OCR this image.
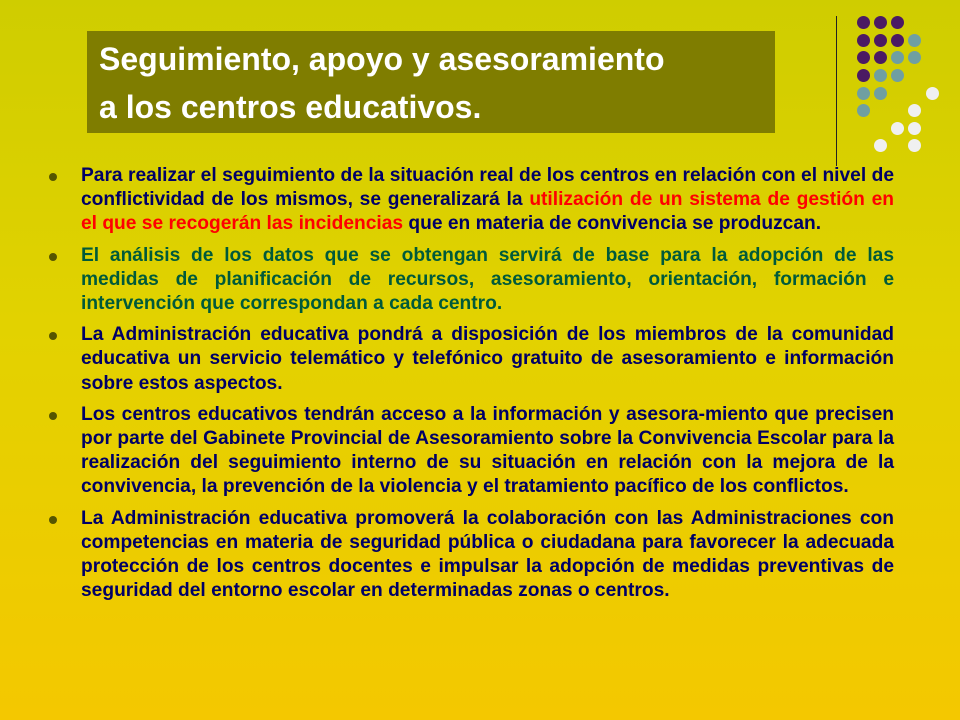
Seguimiento, apoyo y asesoramiento
a los centros educativos.
Para realizar el seguimiento de la situación real de los centros en relación con el nivel de conflictividad de los mismos, se generalizará la utilización de un sistema de gestión en el que se recogerán las incidencias que en materia de convivencia se produzcan.
El análisis de los datos que se obtengan servirá de base para la adopción de las medidas de planificación de recursos, asesoramiento, orientación, formación e intervención que correspondan a cada centro.
La Administración educativa pondrá a disposición de los miembros de la comunidad educativa un servicio telemático y telefónico gratuito de asesoramiento e información sobre estos aspectos.
Los centros educativos tendrán acceso a la información y asesora-miento que precisen por parte del Gabinete Provincial de Asesoramiento sobre la Convivencia Escolar para la realización del seguimiento interno de su situación en relación con la mejora de la convivencia, la prevención de la violencia y el tratamiento pacífico de los conflictos.
La Administración educativa promoverá la colaboración con las Administraciones con competencias en materia de seguridad pública o ciudadana para favorecer la adecuada protección de los centros docentes e impulsar la adopción de medidas preventivas de seguridad del entorno escolar en determinadas zonas o centros.
